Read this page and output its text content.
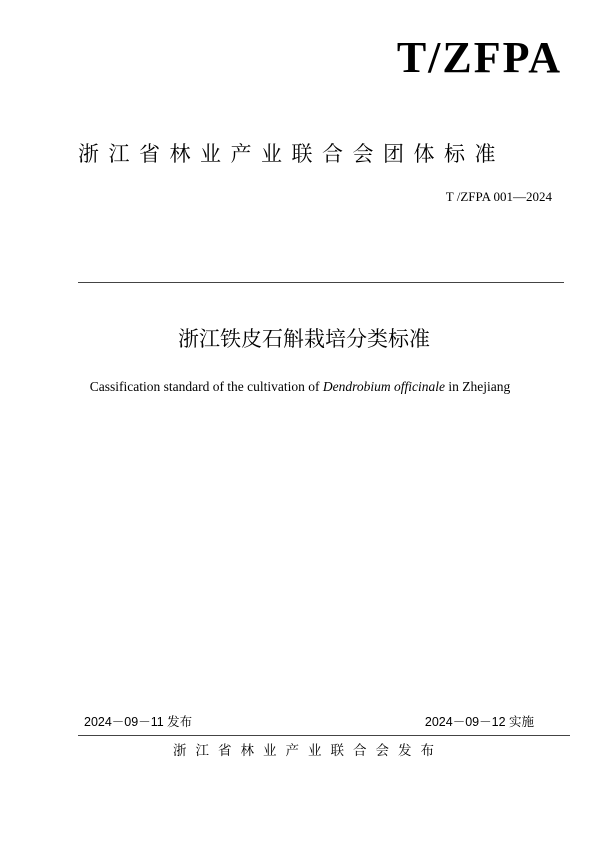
T/ZFPA
浙江省林业产业联合会团体标准
T /ZFPA 001—2024
浙江铁皮石斛栽培分类标准
Cassification standard of the cultivation of Dendrobium officinale in Zhejiang
2024－09－11 发布	2024－09－12 实施
浙江省林业产业联合会发布
